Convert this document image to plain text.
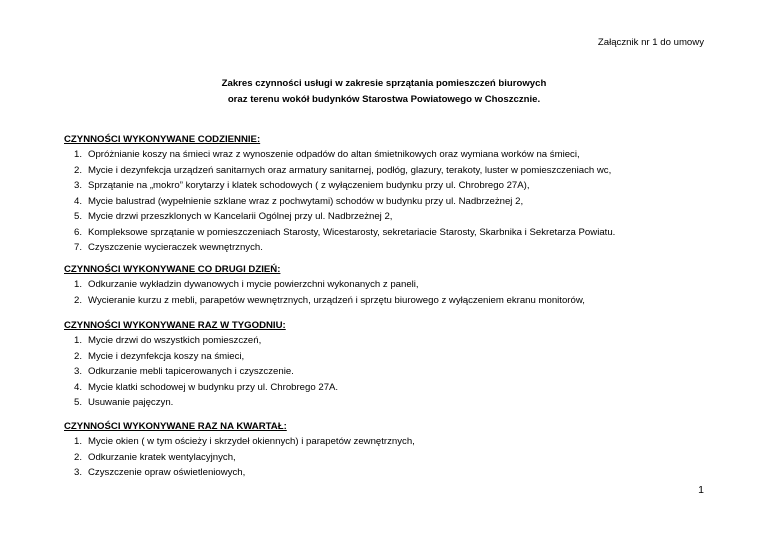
Załącznik nr 1 do umowy
Zakres czynności usługi w zakresie sprzątania pomieszczeń biurowych
oraz terenu wokół budynków Starostwa Powiatowego w Choszcznie.
CZYNNOŚCI WYKONYWANE CODZIENNIE:
1. Opróżnianie koszy na śmieci wraz z wynoszenie odpadów do altan śmietnikowych oraz wymiana worków na śmieci,
2. Mycie i dezynfekcja urządzeń sanitarnych oraz armatury sanitarnej, podłóg, glazury, terakoty, luster w pomieszczeniach wc,
3. Sprzątanie na „mokro” korytarzy i klatek schodowych ( z wyłączeniem budynku przy ul. Chrobrego 27A),
4. Mycie balustrad (wypełnienie szklane wraz z pochwytami) schodów w budynku przy ul. Nadbrzeżnej 2,
5. Mycie drzwi przeszklonych w Kancelarii Ogólnej przy ul. Nadbrzeżnej 2,
6. Kompleksowe sprzątanie w pomieszczeniach Starosty, Wicestarosty, sekretariacie Starosty, Skarbnika i Sekretarza Powiatu.
7. Czyszczenie wycieraczek wewnętrznych.
CZYNNOŚCI WYKONYWANE CO DRUGI DZIEŃ:
1. Odkurzanie wykładzin dywanowych i mycie powierzchni wykonanych z paneli,
2. Wycieranie kurzu z mebli, parapetów wewnętrznych, urządzeń i sprzętu biurowego z wyłączeniem ekranu monitorów,
CZYNNOŚCI WYKONYWANE RAZ W TYGODNIU:
1. Mycie drzwi do wszystkich pomieszczeń,
2. Mycie i dezynfekcja koszy na śmieci,
3. Odkurzanie mebli tapicerowanych i czyszczenie.
4. Mycie klatki schodowej w budynku przy ul. Chrobrego 27A.
5. Usuwanie pajęczyn.
CZYNNOŚCI WYKONYWANE RAZ NA KWARTAŁ:
1. Mycie okien ( w tym ościeży i skrzydeł okiennych) i parapetów zewnętrznych,
2. Odkurzanie kratek wentylacyjnych,
3. Czyszczenie opraw oświetleniowych,
1
